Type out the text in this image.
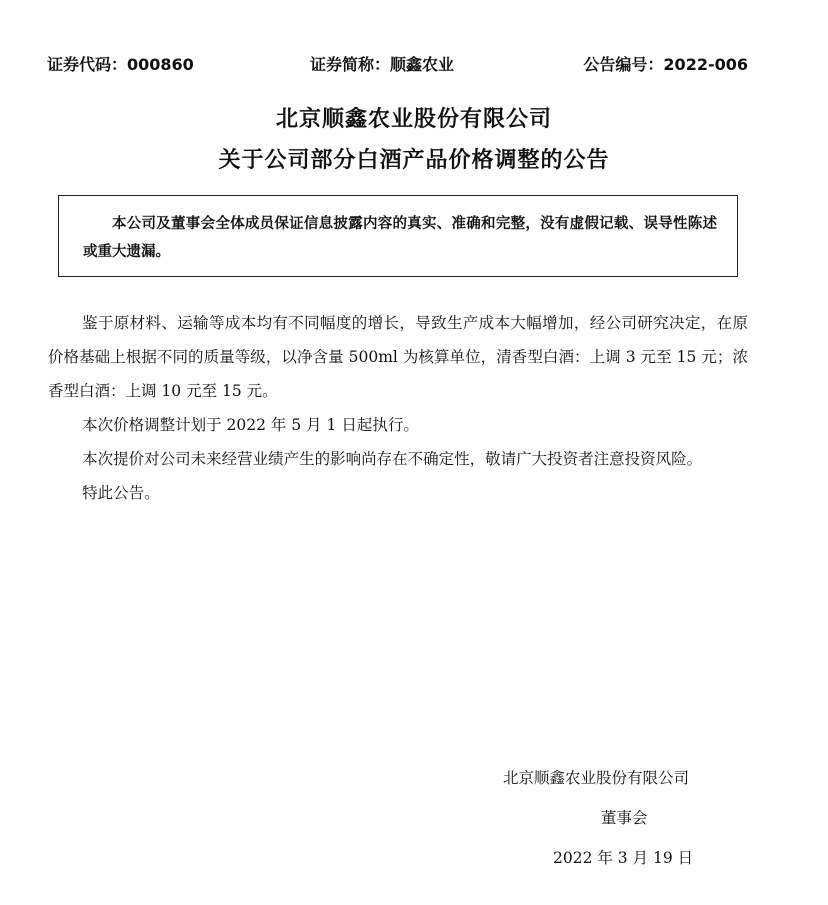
证券代码：000860	证券简称：顺鑫农业	公告编号：2022-006
北京顺鑫农业股份有限公司
关于公司部分白酒产品价格调整的公告
本公司及董事会全体成员保证信息披露内容的真实、准确和完整，没有虚假记载、误导性陈述或重大遗漏。

鉴于原材料、运输等成本均有不同幅度的增长，导致生产成本大幅增加，经公司研究决定，在原价格基础上根据不同的质量等级，以净含量 500ml 为核算单位，清香型白酒：上调 3 元至 15 元；浓香型白酒：上调 10 元至 15 元。

本次价格调整计划于 2022 年 5 月 1 日起执行。

本次提价对公司未来经营业绩产生的影响尚存在不确定性，敬请广大投资者注意投资风险。

特此公告。

北京顺鑫农业股份有限公司
董事会
2022 年 3 月 19 日
